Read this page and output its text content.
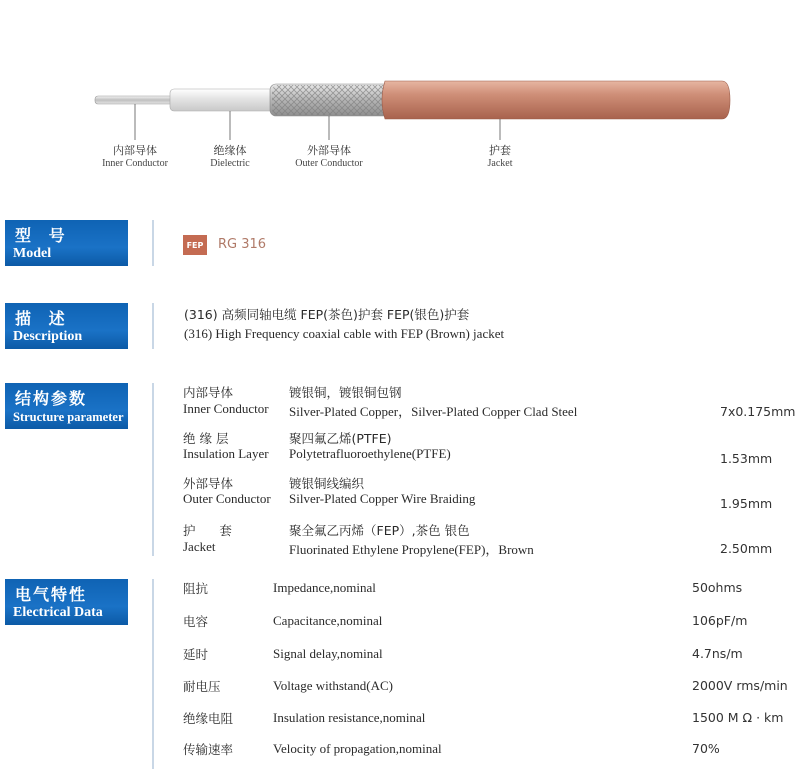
内部导体
Inner Conductor
绝缘体
Dielectric
外部导体
Outer Conductor
护套
Jacket
型 号
Model
FEP RG 316
描 述
Description
(316) 高频同轴电缆 FEP(茶色)护套 FEP(银色)护套
(316) High Frequency coaxial cable with FEP (Brown) jacket
结构参数
Structure parameter
内部导体
Inner Conductor
镀银铜，镀银铜包钢
Silver-Plated Copper，Silver-Plated Copper Clad Steel	7x0.175mm
绝 缘 层
Insulation Layer
聚四氟乙烯(PTFE)
Polytetrafluoroethylene(PTFE)	1.53mm
外部导体
Outer Conductor
镀银铜线编织
Silver-Plated Copper Wire Braiding	1.95mm
护      套
Jacket
聚全氟乙丙烯（FEP）,茶色 银色
Fluorinated Ethylene Propylene(FEP)，Brown	2.50mm
电气特性
Electrical Data
阻抗	Impedance,nominal	50ohms
电容	Capacitance,nominal	106pF/m
延时	Signal delay,nominal	4.7ns/m
耐电压	Voltage withstand(AC)	2000V rms/min
绝缘电阻	Insulation resistance,nominal	1500 M Ω · km
传输速率	Velocity of propagation,nominal	70%
